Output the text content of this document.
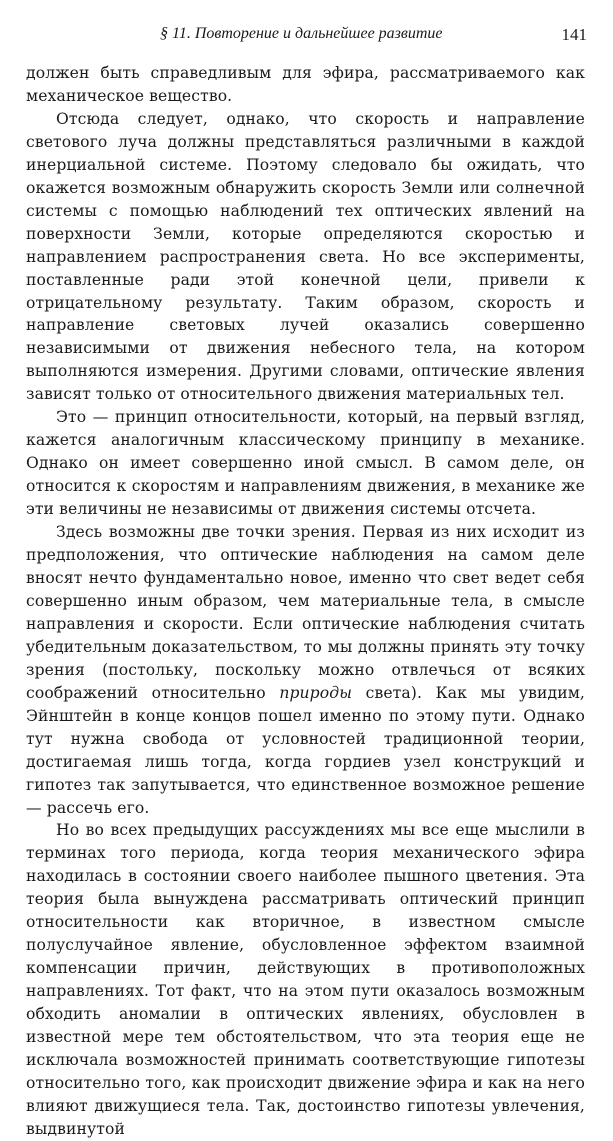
§ 11. Повторение и дальнейшее развитие	141

должен быть справедливым для эфира, рассматриваемого как механическое вещество.

Отсюда следует, однако, что скорость и направление светового луча должны представляться различными в каждой инерциальной системе. Поэтому следовало бы ожидать, что окажется возможным обнаружить скорость Земли или солнечной системы с помощью наблюдений тех оптических явлений на поверхности Земли, которые определяются скоростью и направлением распространения света. Но все эксперименты, поставленные ради этой конечной цели, привели к отрицательному результату. Таким образом, скорость и направление световых лучей оказались совершенно независимыми от движения небесного тела, на котором выполняются измерения. Другими словами, оптические явления зависят только от относительного движения материальных тел.

Это — принцип относительности, который, на первый взгляд, кажется аналогичным классическому принципу в механике. Однако он имеет совершенно иной смысл. В самом деле, он относится к скоростям и направлениям движения, в механике же эти величины не независимы от движения системы отсчета.

Здесь возможны две точки зрения. Первая из них исходит из предположения, что оптические наблюдения на самом деле вносят нечто фундаментально новое, именно что свет ведет себя совершенно иным образом, чем материальные тела, в смысле направления и скорости. Если оптические наблюдения считать убедительным доказательством, то мы должны принять эту точку зрения (постольку, поскольку можно отвлечься от всяких соображений относительно природы света). Как мы увидим, Эйнштейн в конце концов пошел именно по этому пути. Однако тут нужна свобода от условностей традиционной теории, достигаемая лишь тогда, когда гордиев узел конструкций и гипотез так запутывается, что единственное возможное решение — рассечь его.

Но во всех предыдущих рассуждениях мы все еще мыслили в терминах того периода, когда теория механического эфира находилась в состоянии своего наиболее пышного цветения. Эта теория была вынуждена рассматривать оптический принцип относительности как вторичное, в известном смысле полуслучайное явление, обусловленное эффектом взаимной компенсации причин, действующих в противоположных направлениях. Тот факт, что на этом пути оказалось возможным обходить аномалии в оптических явлениях, обусловлен в известной мере тем обстоятельством, что эта теория еще не исключала возможностей принимать соответствующие гипотезы относительно того, как происходит движение эфира и как на него влияют движущиеся тела. Так, достоинство гипотезы увлечения, выдвинутой
